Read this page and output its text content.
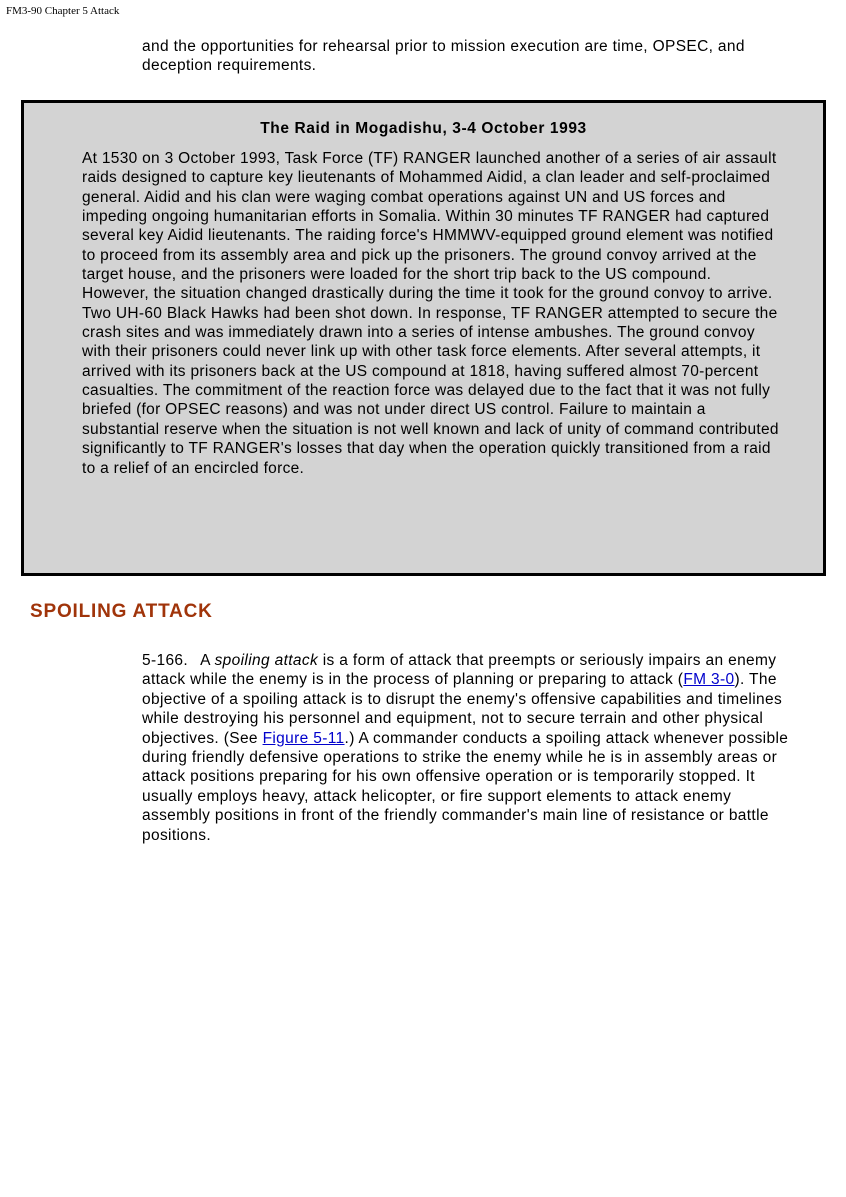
FM3-90 Chapter 5 Attack

and the opportunities for rehearsal prior to mission execution are time, OPSEC, and deception requirements.

The Raid in Mogadishu, 3-4 October 1993

At 1530 on 3 October 1993, Task Force (TF) RANGER launched another of a series of air assault raids designed to capture key lieutenants of Mohammed Aidid, a clan leader and self-proclaimed general. Aidid and his clan were waging combat operations against UN and US forces and impeding ongoing humanitarian efforts in Somalia. Within 30 minutes TF RANGER had captured several key Aidid lieutenants. The raiding force's HMMWV-equipped ground element was notified to proceed from its assembly area and pick up the prisoners. The ground convoy arrived at the target house, and the prisoners were loaded for the short trip back to the US compound. However, the situation changed drastically during the time it took for the ground convoy to arrive. Two UH-60 Black Hawks had been shot down. In response, TF RANGER attempted to secure the crash sites and was immediately drawn into a series of intense ambushes. The ground convoy with their prisoners could never link up with other task force elements. After several attempts, it arrived with its prisoners back at the US compound at 1818, having suffered almost 70-percent casualties. The commitment of the reaction force was delayed due to the fact that it was not fully briefed (for OPSEC reasons) and was not under direct US control. Failure to maintain a substantial reserve when the situation is not well known and lack of unity of command contributed significantly to TF RANGER's losses that day when the operation quickly transitioned from a raid to a relief of an encircled force.

SPOILING ATTACK

5-166. A spoiling attack is a form of attack that preempts or seriously impairs an enemy attack while the enemy is in the process of planning or preparing to attack (FM 3-0). The objective of a spoiling attack is to disrupt the enemy's offensive capabilities and timelines while destroying his personnel and equipment, not to secure terrain and other physical objectives. (See Figure 5-11.) A commander conducts a spoiling attack whenever possible during friendly defensive operations to strike the enemy while he is in assembly areas or attack positions preparing for his own offensive operation or is temporarily stopped. It usually employs heavy, attack helicopter, or fire support elements to attack enemy assembly positions in front of the friendly commander's main line of resistance or battle positions.
